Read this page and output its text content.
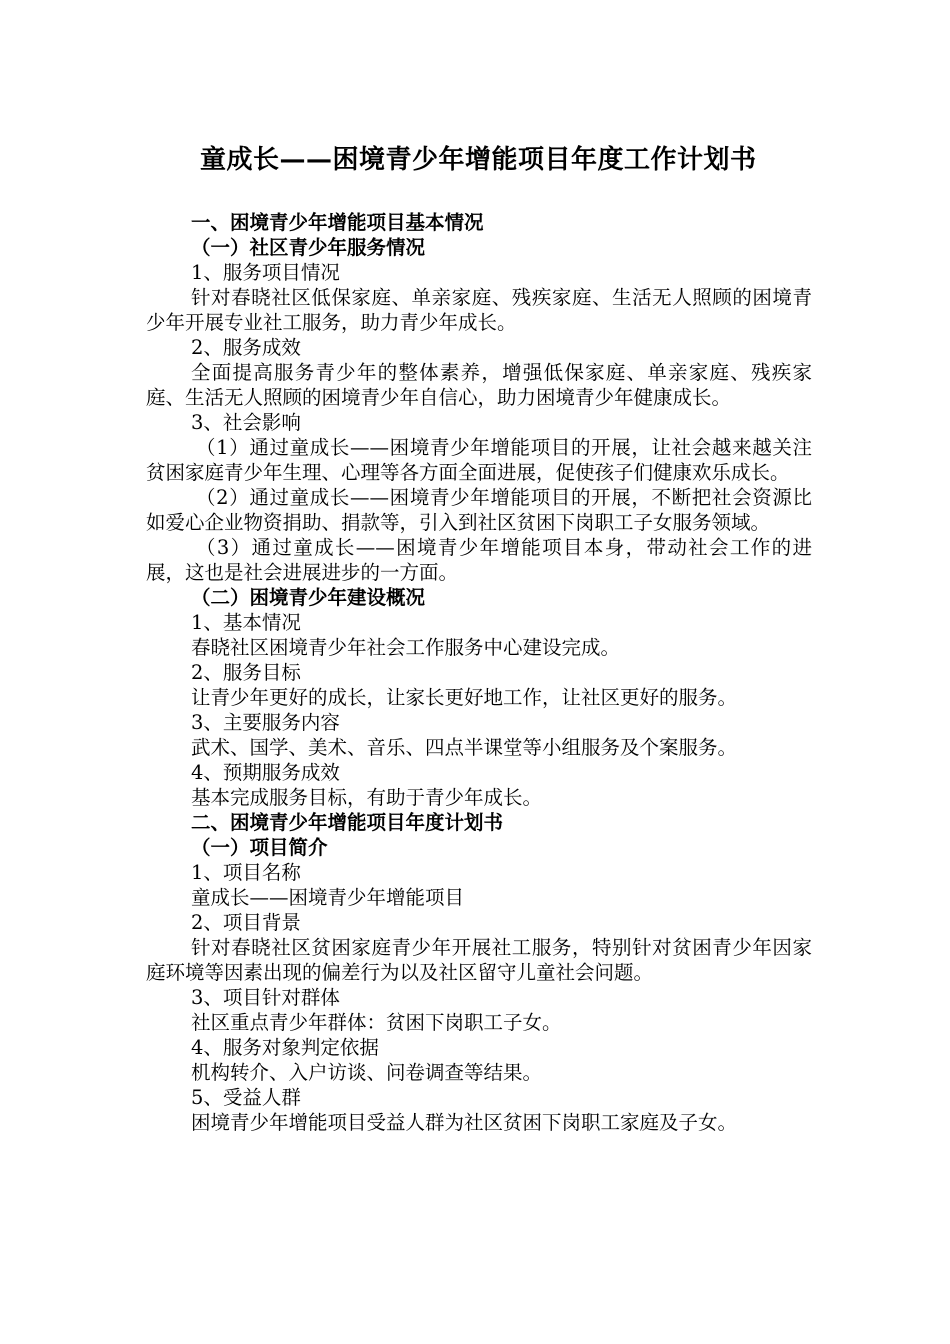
童成长——困境青少年增能项目年度工作计划书

一、困境青少年增能项目基本情况

（一）社区青少年服务情况

1、服务项目情况

针对春晓社区低保家庭、单亲家庭、残疾家庭、生活无人照顾的困境青少年开展专业社工服务，助力青少年成长。

2、服务成效

全面提高服务青少年的整体素养，增强低保家庭、单亲家庭、残疾家庭、生活无人照顾的困境青少年自信心，助力困境青少年健康成长。

3、社会影响

（1）通过童成长——困境青少年增能项目的开展，让社会越来越关注贫困家庭青少年生理、心理等各方面全面进展，促使孩子们健康欢乐成长。

（2）通过童成长——困境青少年增能项目的开展，不断把社会资源比如爱心企业物资捐助、捐款等，引入到社区贫困下岗职工子女服务领域。

（3）通过童成长——困境青少年增能项目本身，带动社会工作的进展，这也是社会进展进步的一方面。

（二）困境青少年建设概况

1、基本情况

春晓社区困境青少年社会工作服务中心建设完成。

2、服务目标

让青少年更好的成长，让家长更好地工作，让社区更好的服务。

3、主要服务内容

武术、国学、美术、音乐、四点半课堂等小组服务及个案服务。

4、预期服务成效

基本完成服务目标，有助于青少年成长。

二、困境青少年增能项目年度计划书

（一）项目简介

1、项目名称

童成长——困境青少年增能项目

2、项目背景

针对春晓社区贫困家庭青少年开展社工服务，特别针对贫困青少年因家庭环境等因素出现的偏差行为以及社区留守儿童社会问题。

3、项目针对群体

社区重点青少年群体：贫困下岗职工子女。

4、服务对象判定依据

机构转介、入户访谈、问卷调查等结果。

5、受益人群

困境青少年增能项目受益人群为社区贫困下岗职工家庭及子女。
